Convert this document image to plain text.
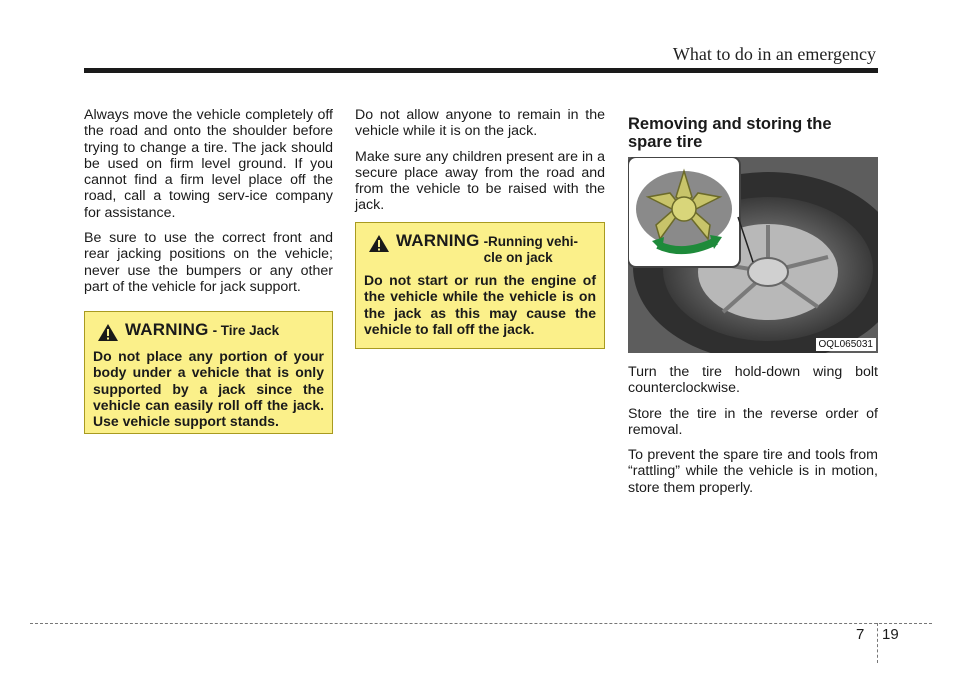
What to do in an emergency

Always move the vehicle completely off the road and onto the shoulder before trying to change a tire. The jack should be used on firm level ground. If you cannot find a firm level place off the road, call a towing serv-ice company for assistance.

Be sure to use the correct front and rear jacking positions on the vehicle; never use the bumpers or any other part of the vehicle for jack support.

WARNING - Tire Jack

Do not place any portion of your body under a vehicle that is only supported by a jack since the vehicle can easily roll off the jack. Use vehicle support stands.

Do not allow anyone to remain in the vehicle while it is on the jack.

Make sure any children present are in a secure place away from the road and from the vehicle to be raised with the jack.

WARNING -Running vehi-cle on jack

Do not start or run the engine of the vehicle while the vehicle is on the jack as this may cause the vehicle to fall off the jack.

Removing and storing the spare tire
OQL065031

Turn the tire hold-down wing bolt counterclockwise.

Store the tire in the reverse order of removal.

To prevent the spare tire and tools from “rattling” while the vehicle is in motion, store them properly.

7 19
